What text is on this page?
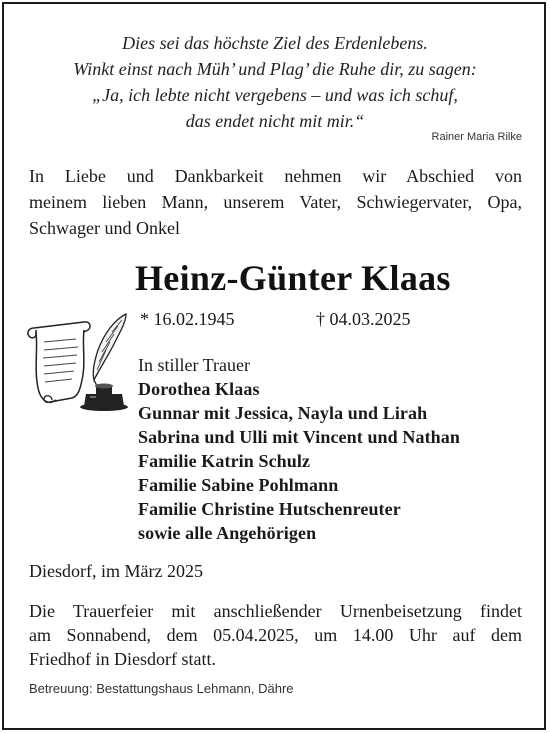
Dies sei das höchste Ziel des Erdenlebens.
Winkt einst nach Müh’ und Plag’ die Ruhe dir, zu sagen:
„Ja, ich lebte nicht vergebens – und was ich schuf,
das endet nicht mit mir.“
Rainer Maria Rilke
In Liebe und Dankbarkeit nehmen wir Abschied von
meinem lieben Mann, unserem Vater, Schwiegervater, Opa,
Schwager und Onkel
Heinz-Günter Klaas
* 16.02.1945	† 04.03.2025
In stiller Trauer
Dorothea Klaas
Gunnar mit Jessica, Nayla und Lirah
Sabrina und Ulli mit Vincent und Nathan
Familie Katrin Schulz
Familie Sabine Pohlmann
Familie Christine Hutschenreuter
sowie alle Angehörigen
Diesdorf, im März 2025
Die Trauerfeier mit anschließender Urnenbeisetzung findet
am Sonnabend, dem 05.04.2025, um 14.00 Uhr auf dem
Friedhof in Diesdorf statt.
Betreuung: Bestattungshaus Lehmann, Dähre
